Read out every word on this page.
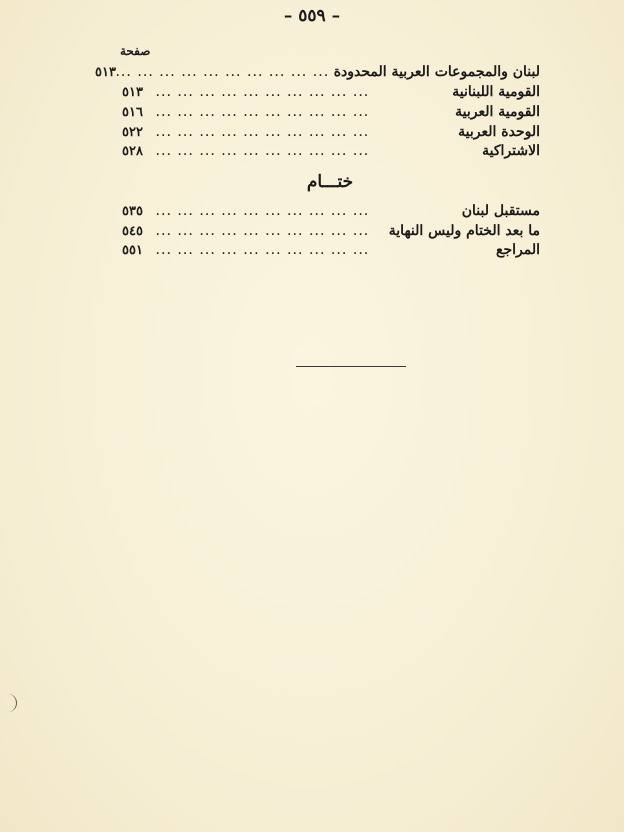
– ٥٥٩ –
صفحة
لبنان والمجموعات العربية المحدودة
... ... ... ... ... ... ... ... ... ...
٥١٣
القومية اللبنانية
... ... ... ... ... ... ... ... ... ...
٥١٣
القومية العربية
... ... ... ... ... ... ... ... ... ...
٥١٦
الوحدة العربية
... ... ... ... ... ... ... ... ... ...
٥٢٢
الاشتراكية
... ... ... ... ... ... ... ... ... ...
٥٢٨
ختـــام
مستقبل لبنان
... ... ... ... ... ... ... ... ... ...
٥٣٥
ما بعد الختام وليس النهاية
... ... ... ... ... ... ... ... ... ...
٥٤٥
المراجع
... ... ... ... ... ... ... ... ... ...
٥٥١
